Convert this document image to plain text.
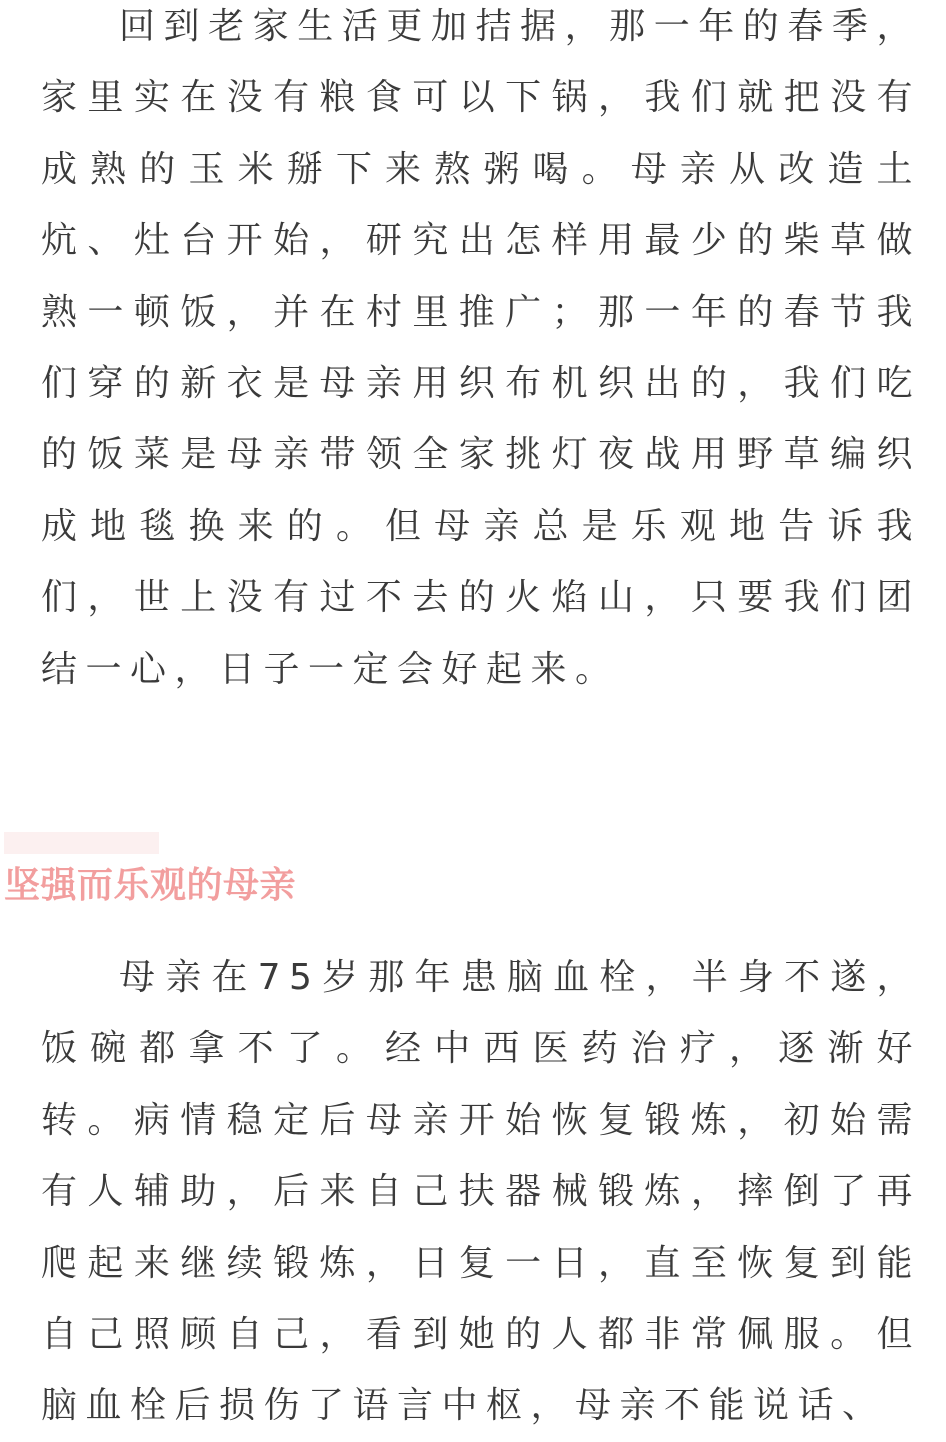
回到老家生活更加拮据，那一年的春季，家里实在没有粮食可以下锅，我们就把没有成熟的玉米掰下来熬粥喝。母亲从改造土炕、灶台开始，研究出怎样用最少的柴草做熟一顿饭，并在村里推广；那一年的春节我们穿的新衣是母亲用织布机织出的，我们吃的饭菜是母亲带领全家挑灯夜战用野草编织成地毯换来的。但母亲总是乐观地告诉我们，世上没有过不去的火焰山，只要我们团结一心，日子一定会好起来。

坚强而乐观的母亲

母亲在75岁那年患脑血栓，半身不遂，饭碗都拿不了。经中西医药治疗，逐渐好转。病情稳定后母亲开始恢复锻炼，初始需有人辅助，后来自己扶器械锻炼，摔倒了再爬起来继续锻炼，日复一日，直至恢复到能自己照顾自己，看到她的人都非常佩服。但脑血栓后损伤了语言中枢，母亲不能说话、
